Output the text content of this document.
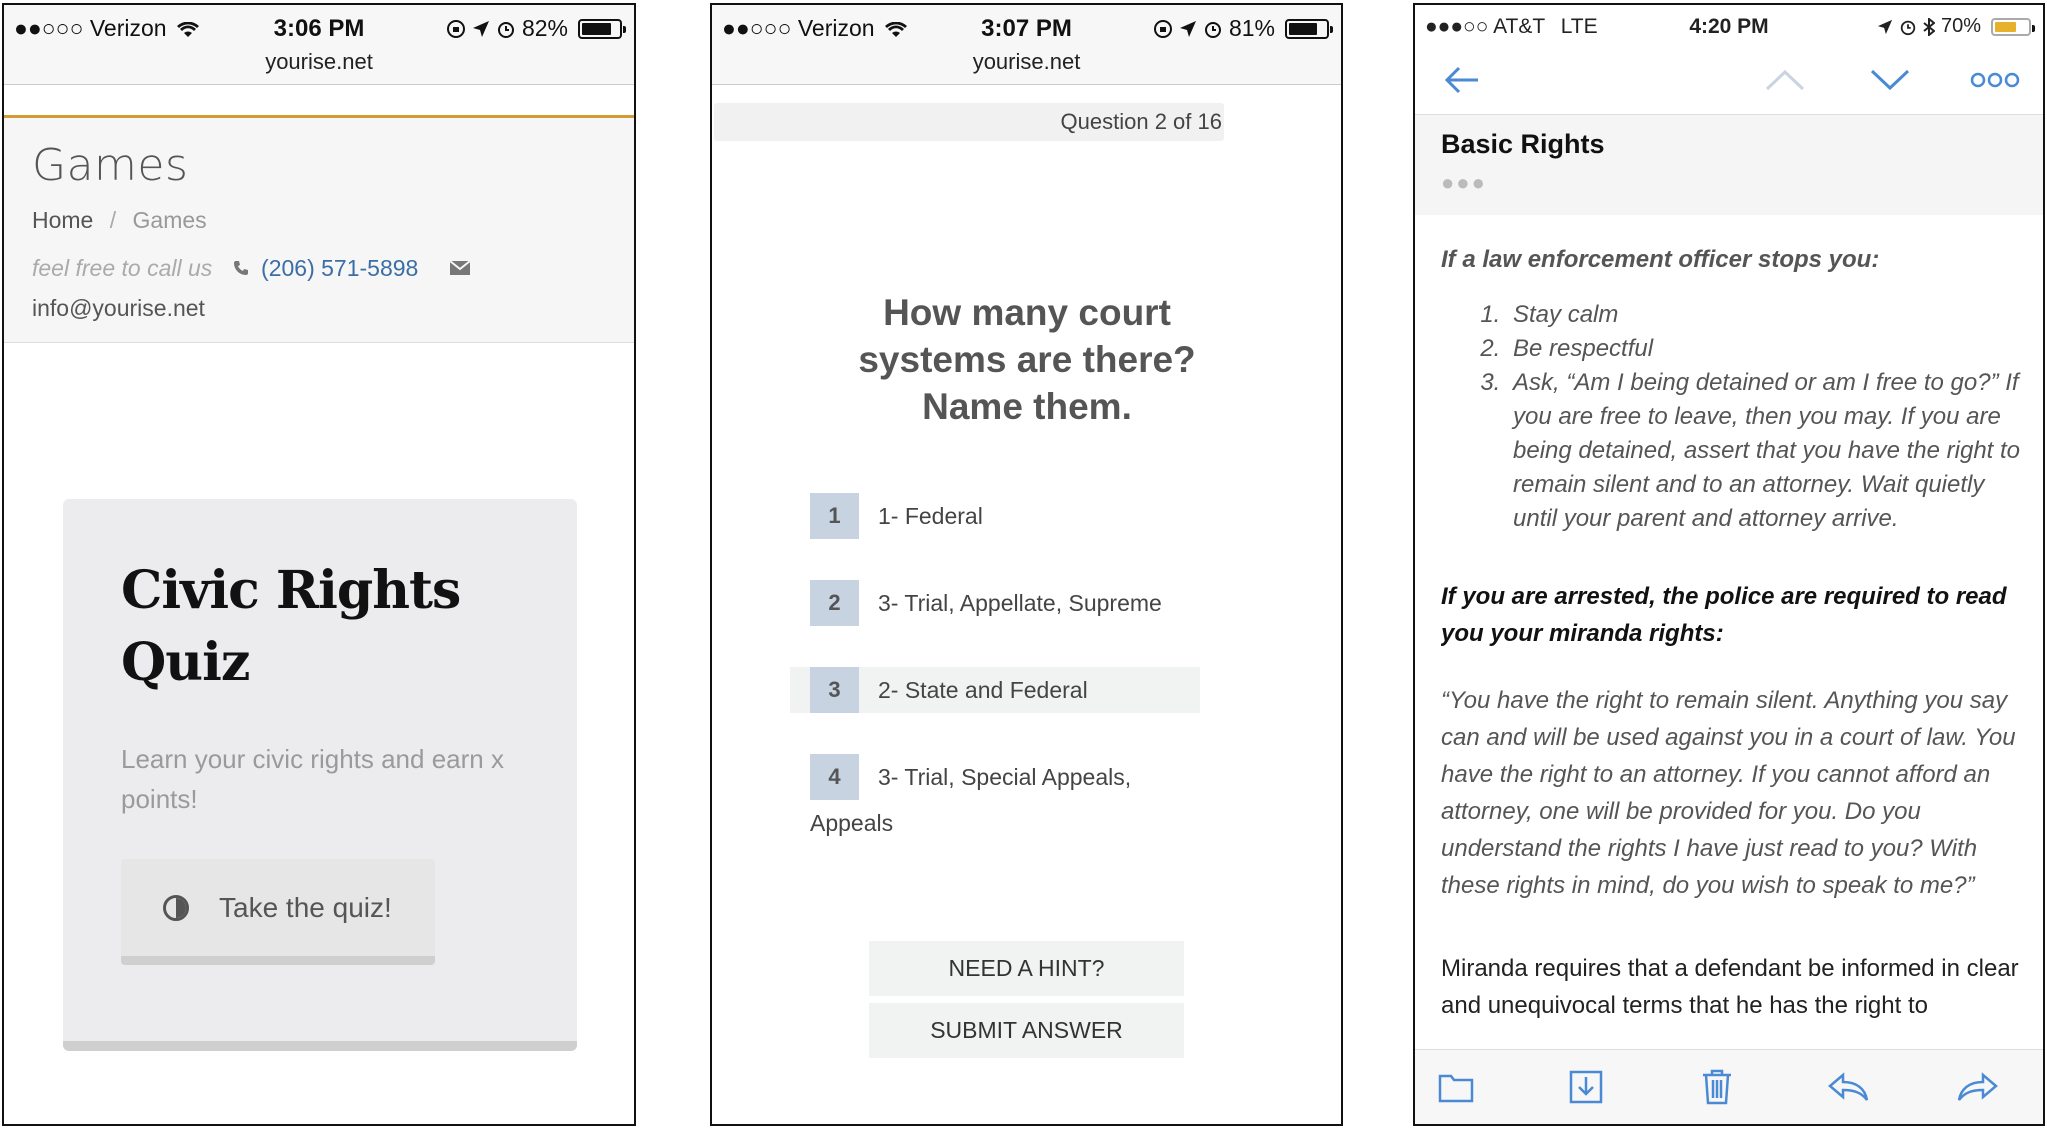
●●○○○ Verizon	3:06 PM	82%
yourise.net
Games
Home / Games
feel free to call us (206) 571-5898
info@yourise.net
Civic Rights Quiz
Learn your civic rights and earn x points!
Take the quiz!
●●○○○ Verizon	3:07 PM	81%
yourise.net
Question 2 of 16
How many court systems are there? Name them.
1 1- Federal
2 3- Trial, Appellate, Supreme
3 2- State and Federal
4 3- Trial, Special Appeals, Appeals
NEED A HINT?
SUBMIT ANSWER
●●●○○ AT&T LTE	4:20 PM	70%
Basic Rights
●●●
If a law enforcement officer stops you:
1. Stay calm
2. Be respectful
3. Ask, “Am I being detained or am I free to go?” If you are free to leave, then you may. If you are being detained, assert that you have the right to remain silent and to an attorney. Wait quietly until your parent and attorney arrive.
If you are arrested, the police are required to read you your miranda rights:
“You have the right to remain silent. Anything you say can and will be used against you in a court of law. You have the right to an attorney. If you cannot afford an attorney, one will be provided for you. Do you understand the rights I have just read to you? With these rights in mind, do you wish to speak to me?”
Miranda requires that a defendant be informed in clear and unequivocal terms that he has the right to
